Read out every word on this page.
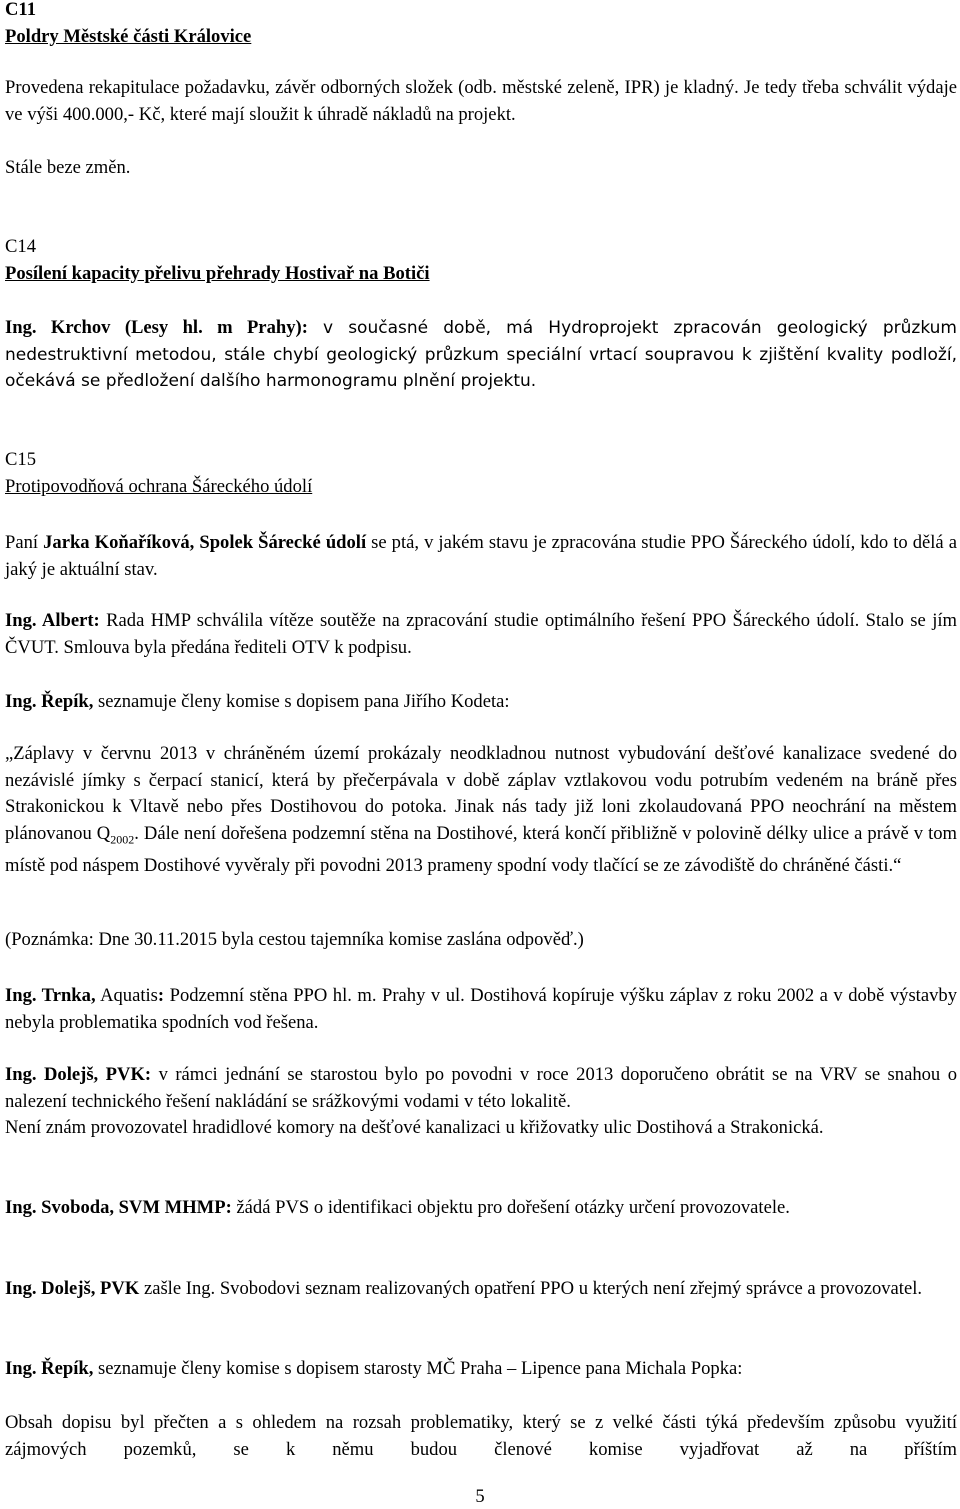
C11
Poldry Městské části Královice
Provedena rekapitulace požadavku, závěr odborných složek (odb. městské zeleně, IPR) je kladný. Je tedy třeba schválit výdaje ve výši 400.000,- Kč, které mají sloužit k úhradě nákladů na projekt.
Stále beze změn.
C14
Posílení kapacity přelivu přehrady Hostivař na Botiči
Ing. Krchov (Lesy hl. m Prahy): v současné době, má Hydroprojekt zpracován geologický průzkum nedestruktivní metodou, stále chybí geologický průzkum speciální vrtací soupravou k zjištění kvality podloží, očekává se předložení dalšího harmonogramu plnění projektu.
C15
Protipovodňová ochrana Šáreckého údolí
Paní Jarka Koňaříková, Spolek Šárecké údolí se ptá, v jakém stavu je zpracována studie PPO Šáreckého údolí, kdo to dělá a jaký je aktuální stav.
Ing. Albert: Rada HMP schválila vítěze soutěže na zpracování studie optimálního řešení PPO Šáreckého údolí. Stalo se jím ČVUT. Smlouva byla předána řediteli OTV k podpisu.
Ing. Řepík, seznamuje členy komise s dopisem pana Jiřího Kodeta:
„Záplavy v červnu 2013 v chráněném území prokázaly neodkladnou nutnost vybudování dešťové kanalizace svedené do nezávislé jímky s čerpací stanicí, která by přečerpávala v době záplav vztlakovou vodu potrubím vedeném na bráně přes Strakonickou k Vltavě nebo přes Dostihovou do potoka. Jinak nás tady již loni zkolaudovaná PPO neochrání na městem plánovanou $Q_{2002}$. Dále není dořešena podzemní stěna na Dostihové, která končí přibližně v polovině délky ulice a právě v tom místě pod náspem Dostihové vyvěraly při povodni 2013 prameny spodní vody tlačící se ze závodiště do chráněné části.“
(Poznámka: Dne 30.11.2015 byla cestou tajemníka komise zaslána odpověď.)
Ing. Trnka, Aquatis: Podzemní stěna PPO hl. m. Prahy v ul. Dostihová kopíruje výšku záplav z roku 2002 a v době výstavby nebyla problematika spodních vod řešena.
Ing. Dolejš, PVK: v rámci jednání se starostou bylo po povodni v roce 2013 doporučeno obrátit se na VRV se snahou o nalezení technického řešení nakládání se srážkovými vodami v této lokalitě.
Není znám provozovatel hradidlové komory na dešťové kanalizaci u křižovatky ulic Dostihová a Strakonická.
Ing. Svoboda, SVM MHMP: žádá PVS o identifikaci objektu pro dořešení otázky určení provozovatele.
Ing. Dolejš, PVK zašle Ing. Svobodovi seznam realizovaných opatření PPO u kterých není zřejmý správce a provozovatel.
Ing. Řepík, seznamuje členy komise s dopisem starosty MČ Praha – Lipence pana Michala Popka:
Obsah dopisu byl přečten a s ohledem na rozsah problematiky, který se z velké části týká především způsobu využití zájmových pozemků, se k němu budou členové komise vyjadřovat až na příštím
5
